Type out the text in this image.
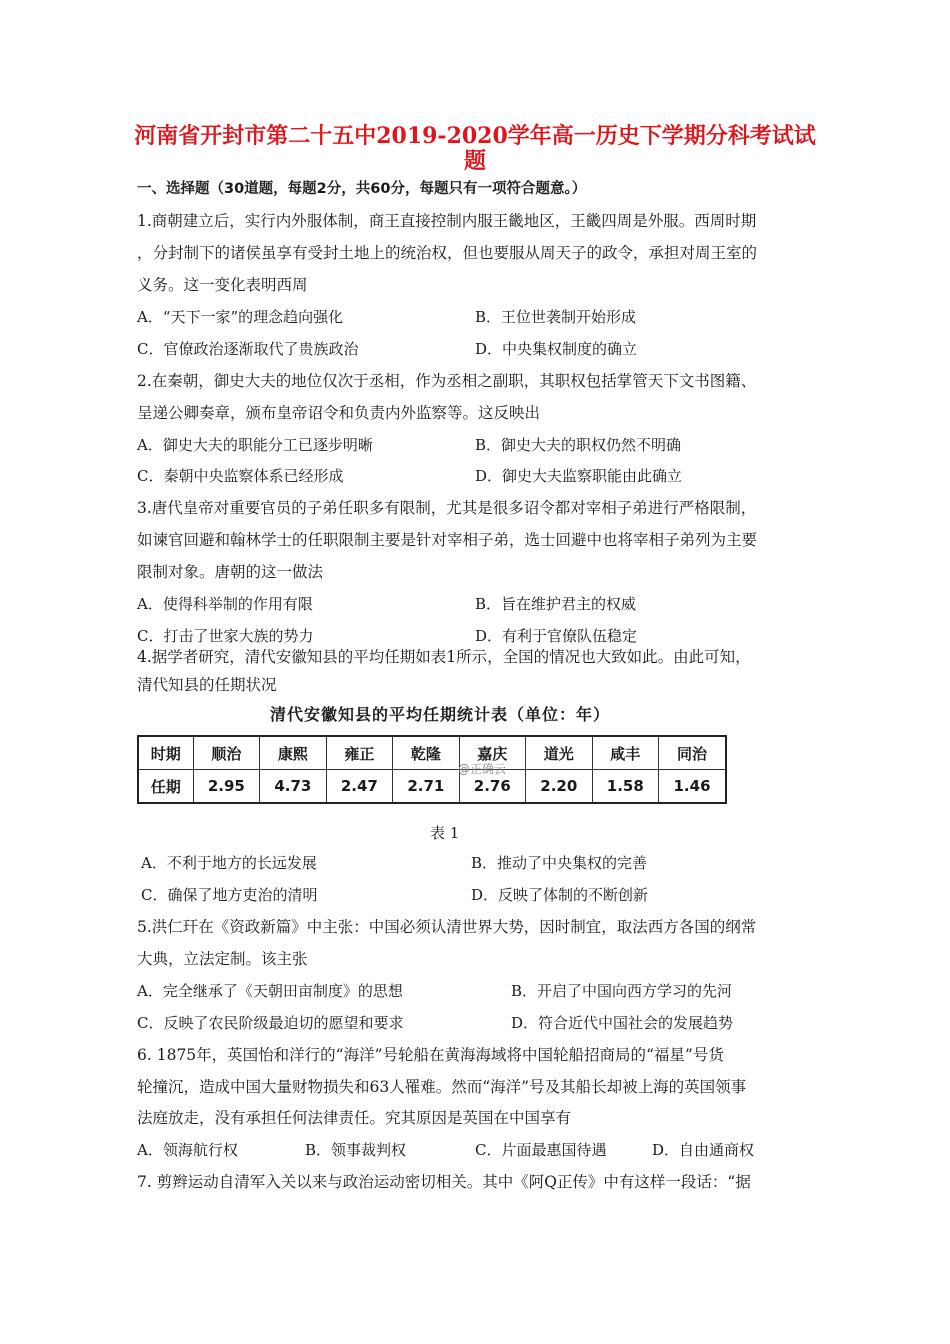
河南省开封市第二十五中2019-2020学年高一历史下学期分科考试试
题
一、选择题（30道题，每题2分，共60分，每题只有一项符合题意。）
1.商朝建立后，实行内外服体制，商王直接控制内服王畿地区，王畿四周是外服。西周时期
，分封制下的诸侯虽享有受封土地上的统治权，但也要服从周天子的政令，承担对周王室的
义务。这一变化表明西周
A．“天下一家”的理念趋向强化	B．王位世袭制开始形成
C．官僚政治逐渐取代了贵族政治	D．中央集权制度的确立
2.在秦朝，御史大夫的地位仅次于丞相，作为丞相之副职，其职权包括掌管天下文书图籍、
呈递公卿奏章，颁布皇帝诏令和负责内外监察等。这反映出
A．御史大夫的职能分工已逐步明晰	B．御史大夫的职权仍然不明确
C．秦朝中央监察体系已经形成	D．御史大夫监察职能由此确立
3.唐代皇帝对重要官员的子弟任职多有限制，尤其是很多诏令都对宰相子弟进行严格限制，
如谏官回避和翰林学士的任职限制主要是针对宰相子弟，选士回避中也将宰相子弟列为主要
限制对象。唐朝的这一做法
A．使得科举制的作用有限	B．旨在维护君主的权威
C．打击了世家大族的势力	D．有利于官僚队伍稳定
4.据学者研究，清代安徽知县的平均任期如表1所示，全国的情况也大致如此。由此可知，
清代知县的任期状况
清代安徽知县的平均任期统计表（单位：年）
时期	顺治	康熙	雍正	乾隆	嘉庆	道光	咸丰	同治
任期	2.95	4.73	2.47	2.71	2.76	2.20	1.58	1.46
@正确云
表 1
A．不利于地方的长远发展	B．推动了中央集权的完善
C．确保了地方吏治的清明	D．反映了体制的不断创新
5.洪仁玕在《资政新篇》中主张：中国必须认清世界大势，因时制宜，取法西方各国的纲常
大典，立法定制。该主张
A．完全继承了《天朝田亩制度》的思想	B．开启了中国向西方学习的先河
C．反映了农民阶级最迫切的愿望和要求	D．符合近代中国社会的发展趋势
6. 1875年，英国怡和洋行的“海洋”号轮船在黄海海域将中国轮船招商局的“福星”号货
轮撞沉，造成中国大量财物损失和63人罹难。然而“海洋”号及其船长却被上海的英国领事
法庭放走，没有承担任何法律责任。究其原因是英国在中国享有
A．领海航行权	B．领事裁判权	C．片面最惠国待遇	D．自由通商权
7. 剪辫运动自清军入关以来与政治运动密切相关。其中《阿Q正传》中有这样一段话：“据
